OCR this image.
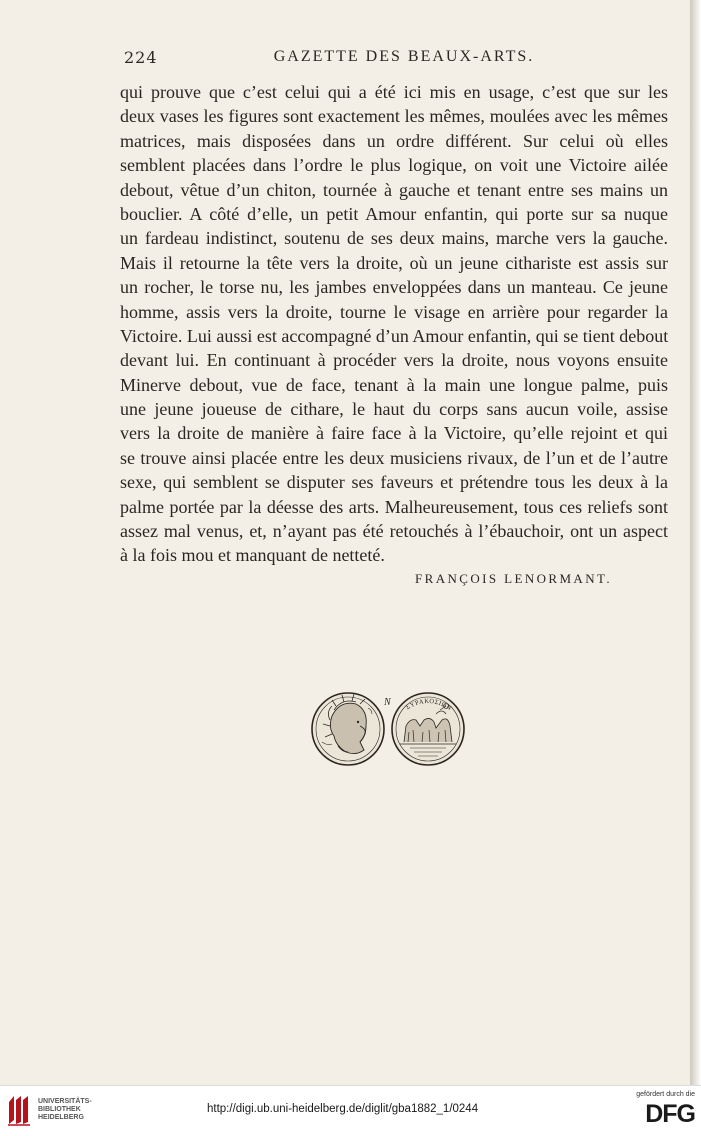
224	GAZETTE DES BEAUX-ARTS.
qui prouve que c’est celui qui a été ici mis en usage, c’est que sur les
deux vases les figures sont exactement les mêmes, moulées avec les mêmes
matrices, mais disposées dans un ordre différent. Sur celui où elles
semblent placées dans l’ordre le plus logique, on voit une Victoire ailée
debout, vêtue d’un chiton, tournée à gauche et tenant entre ses mains un
bouclier. A côté d’elle, un petit Amour enfantin, qui porte sur sa nuque
un fardeau indistinct, soutenu de ses deux mains, marche vers la gauche.
Mais il retourne la tête vers la droite, où un jeune cithariste est assis sur
un rocher, le torse nu, les jambes enveloppées dans un manteau. Ce jeune
homme, assis vers la droite, tourne le visage en arrière pour regarder la
Victoire. Lui aussi est accompagné d’un Amour enfantin, qui se tient debout
devant lui. En continuant à procéder vers la droite, nous voyons ensuite
Minerve debout, vue de face, tenant à la main une longue palme, puis
une jeune joueuse de cithare, le haut du corps sans aucun voile, assise
vers la droite de manière à faire face à la Victoire, qu’elle rejoint et qui
se trouve ainsi placée entre les deux musiciens rivaux, de l’un et de l’autre
sexe, qui semblent se disputer ses faveurs et prétendre tous les deux à la
palme portée par la déesse des arts. Malheureusement, tous ces reliefs sont
assez mal venus, et, n’ayant pas été retouchés à l’ébauchoir, ont un aspect
à la fois mou et manquant de netteté.
FRANÇOIS LENORMANT.
N ΣΥΡΑΚΟΣΙΩΝ
UNIVERSITÄTS-
BIBLIOTHEK
HEIDELBERG
http://digi.ub.uni-heidelberg.de/diglit/gba1882_1/0244
gefördert durch die
DFG
